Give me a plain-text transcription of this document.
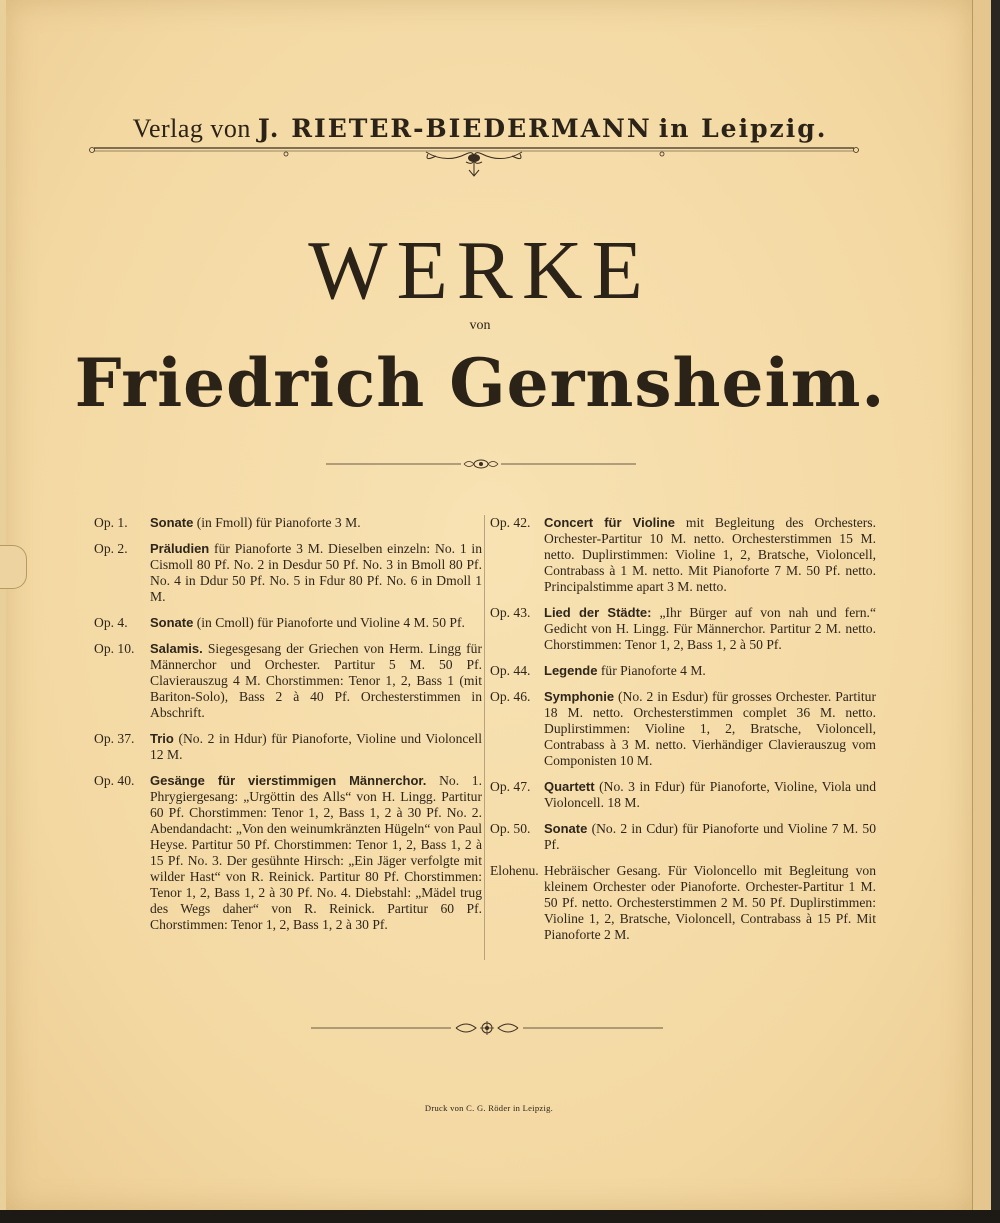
Verlag von J. RIETER-BIEDERMANN in Leipzig.
WERKE
von
Friedrich Gernsheim.
Op. 1.	Sonate (in Fmoll) für Pianoforte 3 M.
Op. 2.	Präludien für Pianoforte 3 M. Dieselben einzeln: No. 1 in Cismoll 80 Pf. No. 2 in Desdur 50 Pf. No. 3 in Bmoll 80 Pf. No. 4 in Ddur 50 Pf. No. 5 in Fdur 80 Pf. No. 6 in Dmoll 1 M.
Op. 4.	Sonate (in Cmoll) für Pianoforte und Violine 4 M. 50 Pf.
Op. 10.	Salamis. Siegesgesang der Griechen von Herm. Lingg für Männerchor und Orchester. Partitur 5 M. 50 Pf. Clavierauszug 4 M. Chorstimmen: Tenor 1, 2, Bass 1 (mit Bariton-Solo), Bass 2 à 40 Pf. Orchesterstimmen in Abschrift.
Op. 37.	Trio (No. 2 in Hdur) für Pianoforte, Violine und Violoncell 12 M.
Op. 40.	Gesänge für vierstimmigen Männerchor. No. 1. Phrygiergesang: „Urgöttin des Alls“ von H. Lingg. Partitur 60 Pf. Chorstimmen: Tenor 1, 2, Bass 1, 2 à 30 Pf. No. 2. Abendandacht: „Von den weinumkränzten Hügeln“ von Paul Heyse. Partitur 50 Pf. Chorstimmen: Tenor 1, 2, Bass 1, 2 à 15 Pf. No. 3. Der gesühnte Hirsch: „Ein Jäger verfolgte mit wilder Hast“ von R. Reinick. Partitur 80 Pf. Chorstimmen: Tenor 1, 2, Bass 1, 2 à 30 Pf. No. 4. Diebstahl: „Mädel trug des Wegs daher“ von R. Reinick. Partitur 60 Pf. Chorstimmen: Tenor 1, 2, Bass 1, 2 à 30 Pf.
Op. 42.	Concert für Violine mit Begleitung des Orchesters. Orchester-Partitur 10 M. netto. Orchesterstimmen 15 M. netto. Duplirstimmen: Violine 1, 2, Bratsche, Violoncell, Contrabass à 1 M. netto. Mit Pianoforte 7 M. 50 Pf. netto. Principalstimme apart 3 M. netto.
Op. 43.	Lied der Städte: „Ihr Bürger auf von nah und fern.“ Gedicht von H. Lingg. Für Männerchor. Partitur 2 M. netto. Chorstimmen: Tenor 1, 2, Bass 1, 2 à 50 Pf.
Op. 44.	Legende für Pianoforte 4 M.
Op. 46.	Symphonie (No. 2 in Esdur) für grosses Orchester. Partitur 18 M. netto. Orchesterstimmen complet 36 M. netto. Duplirstimmen: Violine 1, 2, Bratsche, Violoncell, Contrabass à 3 M. netto. Vierhändiger Clavierauszug vom Componisten 10 M.
Op. 47.	Quartett (No. 3 in Fdur) für Pianoforte, Violine, Viola und Violoncell. 18 M.
Op. 50.	Sonate (No. 2 in Cdur) für Pianoforte und Violine 7 M. 50 Pf.
Elohenu. Hebräischer Gesang. Für Violoncello mit Begleitung von kleinem Orchester oder Pianoforte. Orchester-Partitur 1 M. 50 Pf. netto. Orchesterstimmen 2 M. 50 Pf. Duplirstimmen: Violine 1, 2, Bratsche, Violoncell, Contrabass à 15 Pf. Mit Pianoforte 2 M.
Druck von C. G. Röder in Leipzig.
